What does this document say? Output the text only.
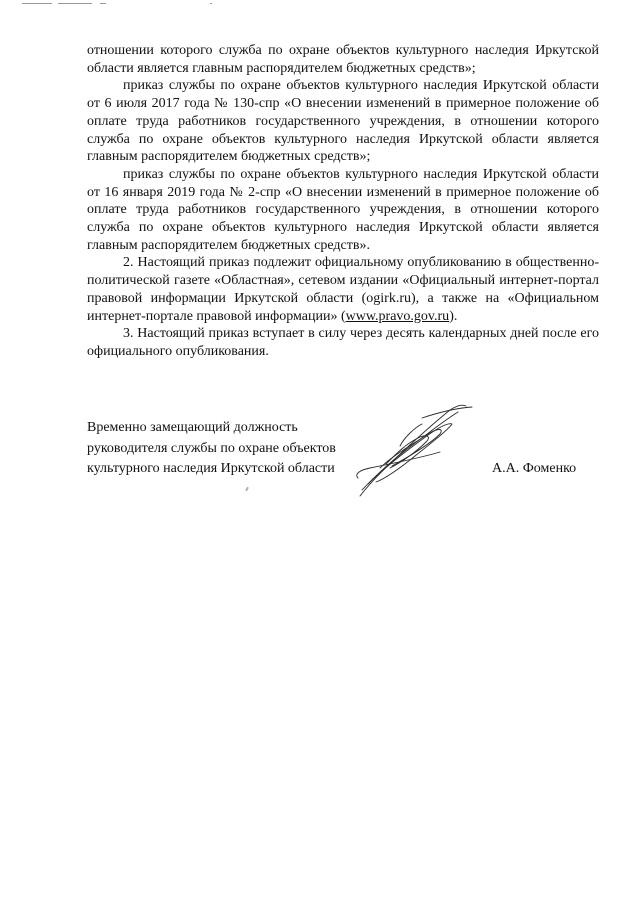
отношении которого служба по охране объектов культурного наследия Иркутской области является главным распорядителем бюджетных средств»;

приказ службы по охране объектов культурного наследия Иркутской области от 6 июля 2017 года № 130-спр «О внесении изменений в примерное положение об оплате труда работников государственного учреждения, в отношении которого служба по охране объектов культурного наследия Иркутской области является главным распорядителем бюджетных средств»;

приказ службы по охране объектов культурного наследия Иркутской области от 16 января 2019 года № 2-спр «О внесении изменений в примерное положение об оплате труда работников государственного учреждения, в отношении которого служба по охране объектов культурного наследия Иркутской области является главным распорядителем бюджетных средств».

2. Настоящий приказ подлежит официальному опубликованию в общественно-политической газете «Областная», сетевом издании «Официальный интернет-портал правовой информации Иркутской области (ogirk.ru), а также на «Официальном интернет-портале правовой информации» (www.pravo.gov.ru).

3. Настоящий приказ вступает в силу через десять календарных дней после его официального опубликования.

Временно замещающий должность
руководителя службы по охране объектов
культурного наследия Иркутской области	А.А. Фоменко
